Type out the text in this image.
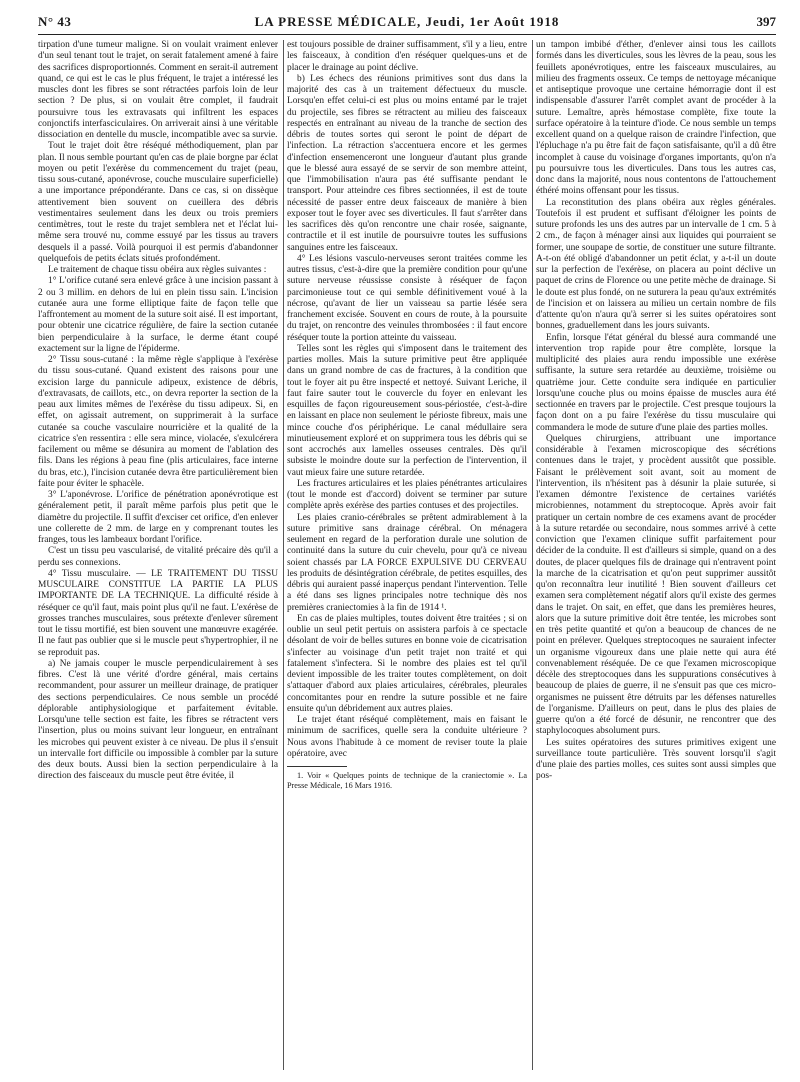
N° 43	LA PRESSE MÉDICALE, Jeudi, 1er Août 1918	397

tirpation d'une tumeur maligne. Si on voulait vraiment enlever d'un seul tenant tout le trajet, on serait fatalement amené à faire des sacrifices disproportionnés. Comment en serait-il autrement quand, ce qui est le cas le plus fréquent, le trajet a intéressé les muscles dont les fibres se sont rétractées parfois loin de leur section ? De plus, si on voulait être complet, il faudrait poursuivre tous les extravasats qui infiltrent les espaces conjonctifs interfasciculaires. On arriverait ainsi à une véritable dissociation en dentelle du muscle, incompatible avec sa survie.

Tout le trajet doit être réséqué méthodiquement, plan par plan. Il nous semble pourtant qu'en cas de plaie borgne par éclat moyen ou petit l'exérèse du commencement du trajet (peau, tissu sous-cutané, aponévrose, couche musculaire superficielle) a une importance prépondérante. Dans ce cas, si on dissèque attentivement bien souvent on cueillera des débris vestimentaires seulement dans les deux ou trois premiers centimètres, tout le reste du trajet semblera net et l'éclat lui-même sera trouvé nu, comme essuyé par les tissus au travers desquels il a passé. Voilà pourquoi il est permis d'abandonner quelquefois de petits éclats situés profondément.

Le traitement de chaque tissu obéira aux règles suivantes :

1° L'orifice cutané sera enlevé grâce à une incision passant à 2 ou 3 millim. en dehors de lui en plein tissu sain. L'incision cutanée aura une forme elliptique faite de façon telle que l'affrontement au moment de la suture soit aisé. Il est important, pour obtenir une cicatrice régulière, de faire la section cutanée bien perpendiculaire à la surface, le derme étant coupé exactement sur la ligne de l'épiderme.

2° Tissu sous-cutané : la même règle s'applique à l'exérèse du tissu sous-cutané. Quand existent des raisons pour une excision large du pannicule adipeux, existence de débris, d'extravasats, de caillots, etc., on devra reporter la section de la peau aux limites mêmes de l'exérèse du tissu adipeux. Si, en effet, on agissait autrement, on supprimerait à la surface cutanée sa couche vasculaire nourricière et la qualité de la cicatrice s'en ressentira : elle sera mince, violacée, s'exulcérera facilement ou même se désunira au moment de l'ablation des fils. Dans les régions à peau fine (plis articulaires, face interne du bras, etc.), l'incision cutanée devra être particulièrement bien faite pour éviter le sphacèle.

3° L'aponévrose. L'orifice de pénétration aponévrotique est généralement petit, il paraît même parfois plus petit que le diamètre du projectile. Il suffit d'exciser cet orifice, d'en enlever une collerette de 2 mm. de large en y comprenant toutes les franges, tous les lambeaux bordant l'orifice.

C'est un tissu peu vascularisé, de vitalité précaire dès qu'il a perdu ses connexions.

4° Tissu musculaire. — LE TRAITEMENT DU TISSU MUSCULAIRE CONSTITUE LA PARTIE LA PLUS IMPORTANTE DE LA TECHNIQUE. La difficulté réside à réséquer ce qu'il faut, mais point plus qu'il ne faut. L'exérèse de grosses tranches musculaires, sous prétexte d'enlever sûrement tout le tissu mortifié, est bien souvent une manœuvre exagérée. Il ne faut pas oublier que si le muscle peut s'hypertrophier, il ne se reproduit pas.

a) Ne jamais couper le muscle perpendiculairement à ses fibres. C'est là une vérité d'ordre général, mais certains recommandent, pour assurer un meilleur drainage, de pratiquer des sections perpendiculaires. Ce nous semble un procédé déplorable antiphysiologique et parfaitement évitable. Lorsqu'une telle section est faite, les fibres se rétractent vers l'insertion, plus ou moins suivant leur longueur, en entraînant les microbes qui peuvent exister à ce niveau. De plus il s'ensuit un intervalle fort difficile ou impossible à combler par la suture des deux bouts. Aussi bien la section perpendiculaire à la direction des faisceaux du muscle peut être évitée, il

est toujours possible de drainer suffisamment, s'il y a lieu, entre les faisceaux, à condition d'en réséquer quelques-uns et de placer le drainage au point déclive.

b) Les échecs des réunions primitives sont dus dans la majorité des cas à un traitement défectueux du muscle. Lorsqu'en effet celui-ci est plus ou moins entamé par le trajet du projectile, ses fibres se rétractent au milieu des faisceaux respectés en entraînant au niveau de la tranche de section des débris de toutes sortes qui seront le point de départ de l'infection. La rétraction s'accentuera encore et les germes d'infection ensemenceront une longueur d'autant plus grande que le blessé aura essayé de se servir de son membre atteint, que l'immobilisation n'aura pas été suffisante pendant le transport. Pour atteindre ces fibres sectionnées, il est de toute nécessité de passer entre deux faisceaux de manière à bien exposer tout le foyer avec ses diverticules. Il faut s'arrêter dans les sacrifices dès qu'on rencontre une chair rosée, saignante, contractile et il est inutile de poursuivre toutes les suffusions sanguines entre les faisceaux.

4° Les lésions vasculo-nerveuses seront traitées comme les autres tissus, c'est-à-dire que la première condition pour qu'une suture nerveuse réussisse consiste à réséquer de façon parcimonieuse tout ce qui semble définitivement voué à la nécrose, qu'avant de lier un vaisseau sa partie lésée sera franchement excisée. Souvent en cours de route, à la poursuite du trajet, on rencontre des veinules thrombosées : il faut encore réséquer toute la portion atteinte du vaisseau.

Telles sont les règles qui s'imposent dans le traitement des parties molles. Mais la suture primitive peut être appliquée dans un grand nombre de cas de fractures, à la condition que tout le foyer ait pu être inspecté et nettoyé. Suivant Leriche, il faut faire sauter tout le couvercle du foyer en enlevant les esquilles de façon rigoureusement sous-périostée, c'est-à-dire en laissant en place non seulement le périoste fibreux, mais une mince couche d'os périphérique. Le canal médullaire sera minutieusement exploré et on supprimera tous les débris qui se sont accrochés aux lamelles osseuses centrales. Dès qu'il subsiste le moindre doute sur la perfection de l'intervention, il vaut mieux faire une suture retardée.

Les fractures articulaires et les plaies pénétrantes articulaires (tout le monde est d'accord) doivent se terminer par suture complète après exérèse des parties contuses et des projectiles.

Les plaies cranio-cérébrales se prêtent admirablement à la suture primitive sans drainage cérébral. On ménagera seulement en regard de la perforation durale une solution de continuité dans la suture du cuir chevelu, pour qu'à ce niveau soient chassés par LA FORCE EXPULSIVE DU CERVEAU les produits de désintégration cérébrale, de petites esquilles, des débris qui auraient passé inaperçus pendant l'intervention. Telle a été dans ses lignes principales notre technique dès nos premières craniectomies à la fin de 1914 ¹.

En cas de plaies multiples, toutes doivent être traitées ; si on oublie un seul petit pertuis on assistera parfois à ce spectacle désolant de voir de belles sutures en bonne voie de cicatrisation s'infecter au voisinage d'un petit trajet non traité et qui fatalement s'infectera. Si le nombre des plaies est tel qu'il devient impossible de les traiter toutes complètement, on doit s'attaquer d'abord aux plaies articulaires, cérébrales, pleurales concomitantes pour en rendre la suture possible et ne faire ensuite qu'un débridement aux autres plaies.

Le trajet étant réséqué complètement, mais en faisant le minimum de sacrifices, quelle sera la conduite ultérieure ? Nous avons l'habitude à ce moment de reviser toute la plaie opératoire, avec

1. Voir « Quelques points de technique de la craniectomie ». La Presse Médicale, 16 Mars 1916.

un tampon imbibé d'éther, d'enlever ainsi tous les caillots formés dans les diverticules, sous les lèvres de la peau, sous les feuillets aponévrotiques, entre les faisceaux musculaires, au milieu des fragments osseux. Ce temps de nettoyage mécanique et antiseptique provoque une certaine hémorragie dont il est indispensable d'assurer l'arrêt complet avant de procéder à la suture. Lemaître, après hémostase complète, fixe toute la surface opératoire à la teinture d'iode. Ce nous semble un temps excellent quand on a quelque raison de craindre l'infection, que l'épluchage n'a pu être fait de façon satisfaisante, qu'il a dû être incomplet à cause du voisinage d'organes importants, qu'on n'a pu poursuivre tous les diverticules. Dans tous les autres cas, donc dans la majorité, nous nous contentons de l'attouchement éthéré moins offensant pour les tissus.

La reconstitution des plans obéira aux règles générales. Toutefois il est prudent et suffisant d'éloigner les points de suture profonds les uns des autres par un intervalle de 1 cm. 5 à 2 cm., de façon à ménager ainsi aux liquides qui pourraient se former, une soupape de sortie, de constituer une suture filtrante. A-t-on été obligé d'abandonner un petit éclat, y a-t-il un doute sur la perfection de l'exérèse, on placera au point déclive un paquet de crins de Florence ou une petite mèche de drainage. Si le doute est plus fondé, on ne suturera la peau qu'aux extrémités de l'incision et on laissera au milieu un certain nombre de fils d'attente qu'on n'aura qu'à serrer si les suites opératoires sont bonnes, graduellement dans les jours suivants.

Enfin, lorsque l'état général du blessé aura commandé une intervention trop rapide pour être complète, lorsque la multiplicité des plaies aura rendu impossible une exérèse suffisante, la suture sera retardée au deuxième, troisième ou quatrième jour. Cette conduite sera indiquée en particulier lorsqu'une couche plus ou moins épaisse de muscles aura été sectionnée en travers par le projectile. C'est presque toujours la façon dont on a pu faire l'exérèse du tissu musculaire qui commandera le mode de suture d'une plaie des parties molles.

Quelques chirurgiens, attribuant une importance considérable à l'examen microscopique des sécrétions contenues dans le trajet, y procèdent aussitôt que possible. Faisant le prélèvement soit avant, soit au moment de l'intervention, ils n'hésitent pas à désunir la plaie suturée, si l'examen démontre l'existence de certaines variétés microbiennes, notamment du streptocoque. Après avoir fait pratiquer un certain nombre de ces examens avant de procéder à la suture retardée ou secondaire, nous sommes arrivé à cette conviction que l'examen clinique suffit parfaitement pour décider de la conduite. Il est d'ailleurs si simple, quand on a des doutes, de placer quelques fils de drainage qui n'entravent point la marche de la cicatrisation et qu'on peut supprimer aussitôt qu'on reconnaîtra leur inutilité ! Bien souvent d'ailleurs cet examen sera complètement négatif alors qu'il existe des germes dans le trajet. On sait, en effet, que dans les premières heures, alors que la suture primitive doit être tentée, les microbes sont en très petite quantité et qu'on a beaucoup de chances de ne point en prélever. Quelques streptocoques ne sauraient infecter un organisme vigoureux dans une plaie nette qui aura été convenablement réséquée. De ce que l'examen microscopique décèle des streptocoques dans les suppurations consécutives à beaucoup de plaies de guerre, il ne s'ensuit pas que ces micro-organismes ne puissent être détruits par les défenses naturelles de l'organisme. D'ailleurs on peut, dans le plus des plaies de guerre qu'on a été forcé de désunir, ne rencontrer que des staphylocoques absolument purs.

Les suites opératoires des sutures primitives exigent une surveillance toute particulière. Très souvent lorsqu'il s'agit d'une plaie des parties molles, ces suites sont aussi simples que pos-
